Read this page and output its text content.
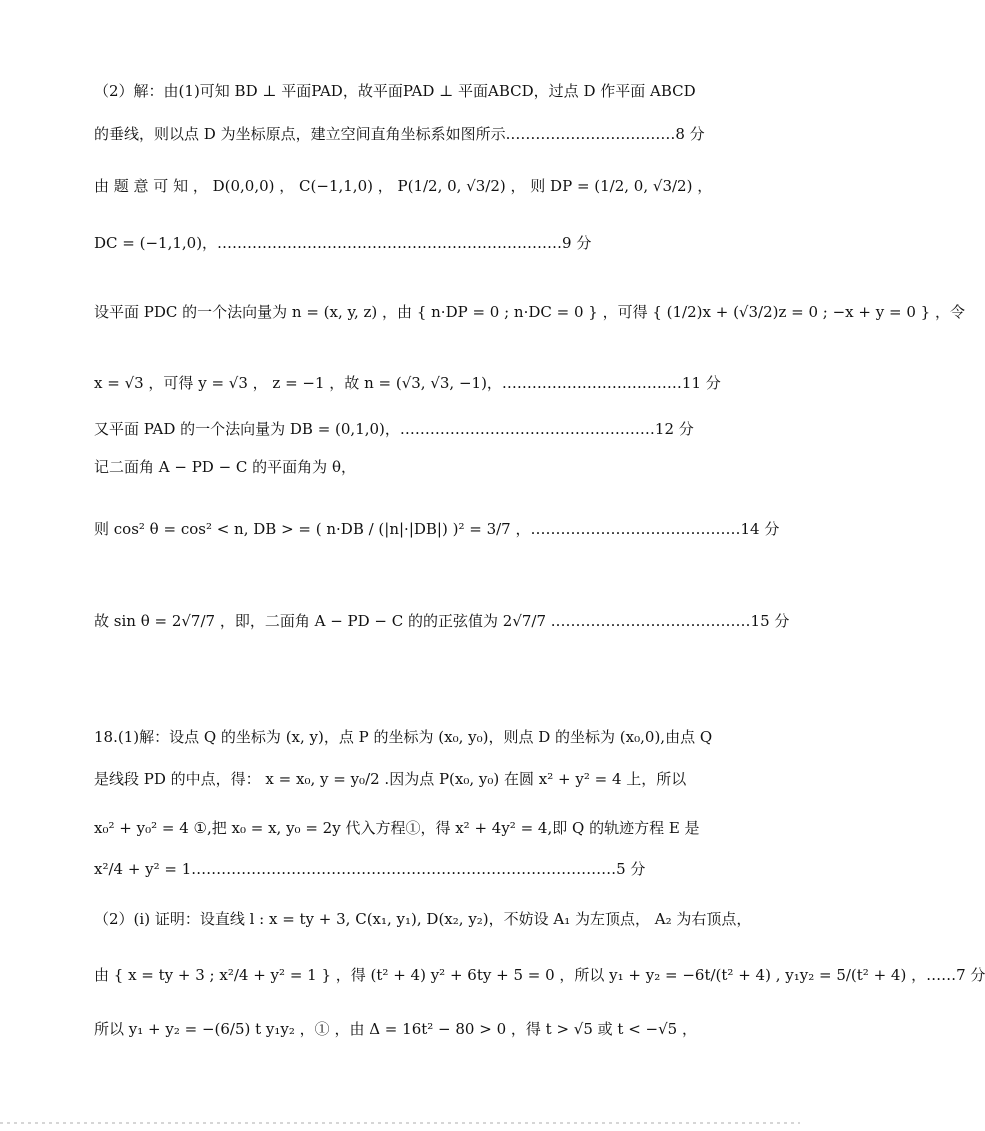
（2）解：由(1)可知 BD ⊥ 平面PAD，故平面PAD ⊥ 平面ABCD，过点 D 作平面 ABCD
的垂线，则以点 D 为坐标原点，建立空间直角坐标系如图所示.……………………………8 分
由 题 意 可 知 ， D(0,0,0) ， C(−1,1,0) ， P(1/2, 0, √3/2) ， 则 DP = (1/2, 0, √3/2) ，
DC = (−1,1,0)，……………………………………………………………9 分
设平面 PDC 的一个法向量为 n = (x, y, z) ，由 { n·DP = 0 ; n·DC = 0 } ，可得 { (1/2)x + (√3/2)z = 0 ; −x + y = 0 } ，令
x = √3 ，可得 y = √3 ， z = −1 ，故 n = (√3, √3, −1)，………………………………11 分
又平面 PAD 的一个法向量为 DB = (0,1,0)，……………………………………………12 分
记二面角 A − PD − C 的平面角为 θ，
则 cos² θ = cos² < n, DB > = ( n·DB / (|n|·|DB|) )² = 3/7 ，……………………………………14 分
故 sin θ = 2√7/7 ，即，二面角 A − PD − C 的的正弦值为 2√7/7 .…………………………………15 分
18.(1)解：设点 Q 的坐标为 (x, y)，点 P 的坐标为 (x₀, y₀)，则点 D 的坐标为 (x₀,0),由点 Q
是线段 PD 的中点，得： x = x₀, y = y₀/2 .因为点 P(x₀, y₀) 在圆 x² + y² = 4 上，所以
x₀² + y₀² = 4 ①,把 x₀ = x, y₀ = 2y 代入方程①，得 x² + 4y² = 4,即 Q 的轨迹方程 E 是
x²/4 + y² = 1.…………………………………………………………………………5 分
（2）(i) 证明：设直线 l : x = ty + 3, C(x₁, y₁), D(x₂, y₂)，不妨设 A₁ 为左顶点， A₂ 为右顶点，
由 { x = ty + 3 ; x²/4 + y² = 1 } ，得 (t² + 4) y² + 6ty + 5 = 0 ，所以 y₁ + y₂ = −6t/(t² + 4) , y₁y₂ = 5/(t² + 4) ，……7 分
所以 y₁ + y₂ = −(6/5) t y₁y₂ ，① ，由 Δ = 16t² − 80 > 0 ，得 t > √5 或 t < −√5 ，
